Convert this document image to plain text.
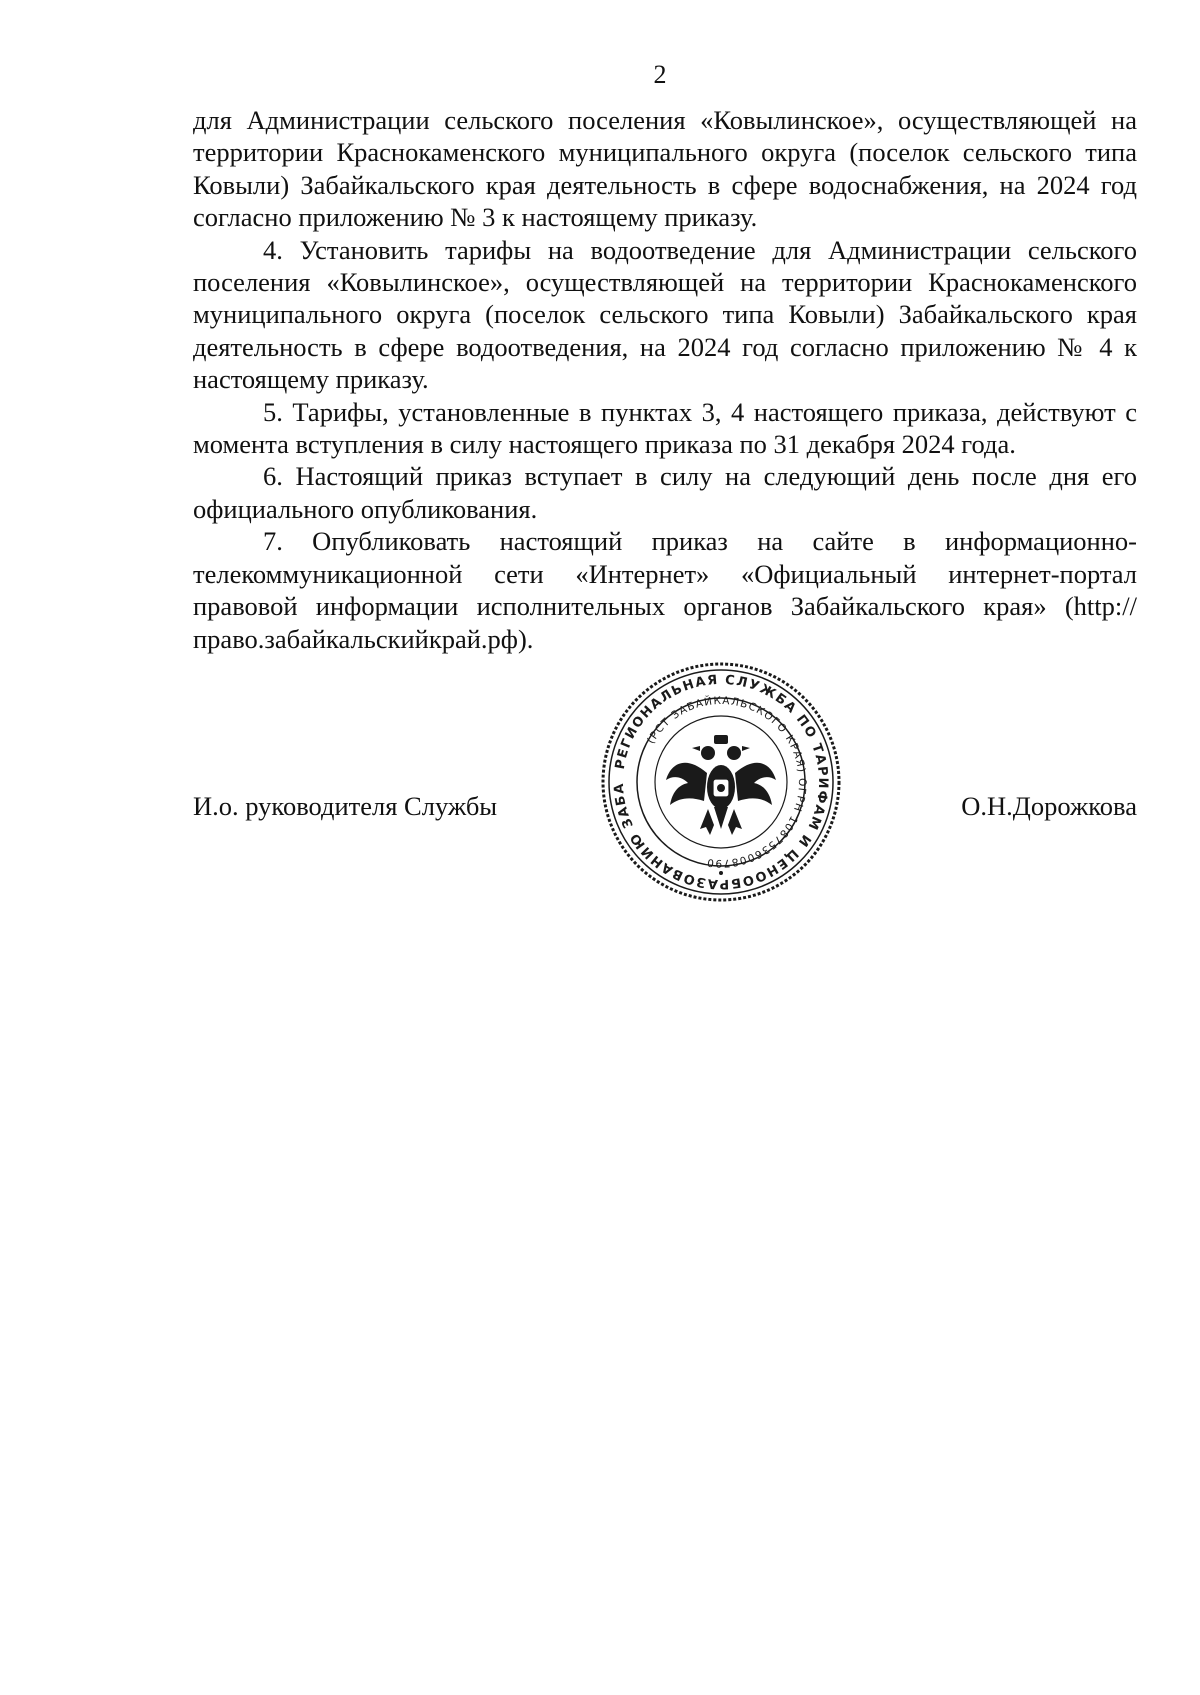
2

для Администрации сельского поселения «Ковылинское», осуществляющей на территории Краснокаменского муниципального округа (поселок сельского типа Ковыли) Забайкальского края деятельность в сфере водоснабжения, на 2024 год согласно приложению № 3 к настоящему приказу.

4. Установить тарифы на водоотведение для Администрации сельского поселения «Ковылинское», осуществляющей на территории Краснокаменского муниципального округа (поселок сельского типа Ковыли) Забайкальского края деятельность в сфере водоотведения, на 2024 год согласно приложению № 4 к настоящему приказу.

5. Тарифы, установленные в пунктах 3, 4 настоящего приказа, действуют с момента вступления в силу настоящего приказа по 31 декабря 2024 года.

6. Настоящий приказ вступает в силу на следующий день после дня его официального опубликования.

7. Опубликовать настоящий приказ на сайте в информационно-телекоммуникационной сети «Интернет» «Официальный интернет-портал правовой информации исполнительных органов Забайкальского края» (http://право.забайкальскийкрай.рф).

И.о. руководителя Службы	О.Н.Дорожкова
РЕГИОНАЛЬНАЯ СЛУЖБА ПО ТАРИФАМ И ЦЕНООБРАЗОВАНИЮ ЗАБА
(РСТ ЗАБАЙКАЛЬСКОГО КРАЯ) ОГРН 1087536008790
